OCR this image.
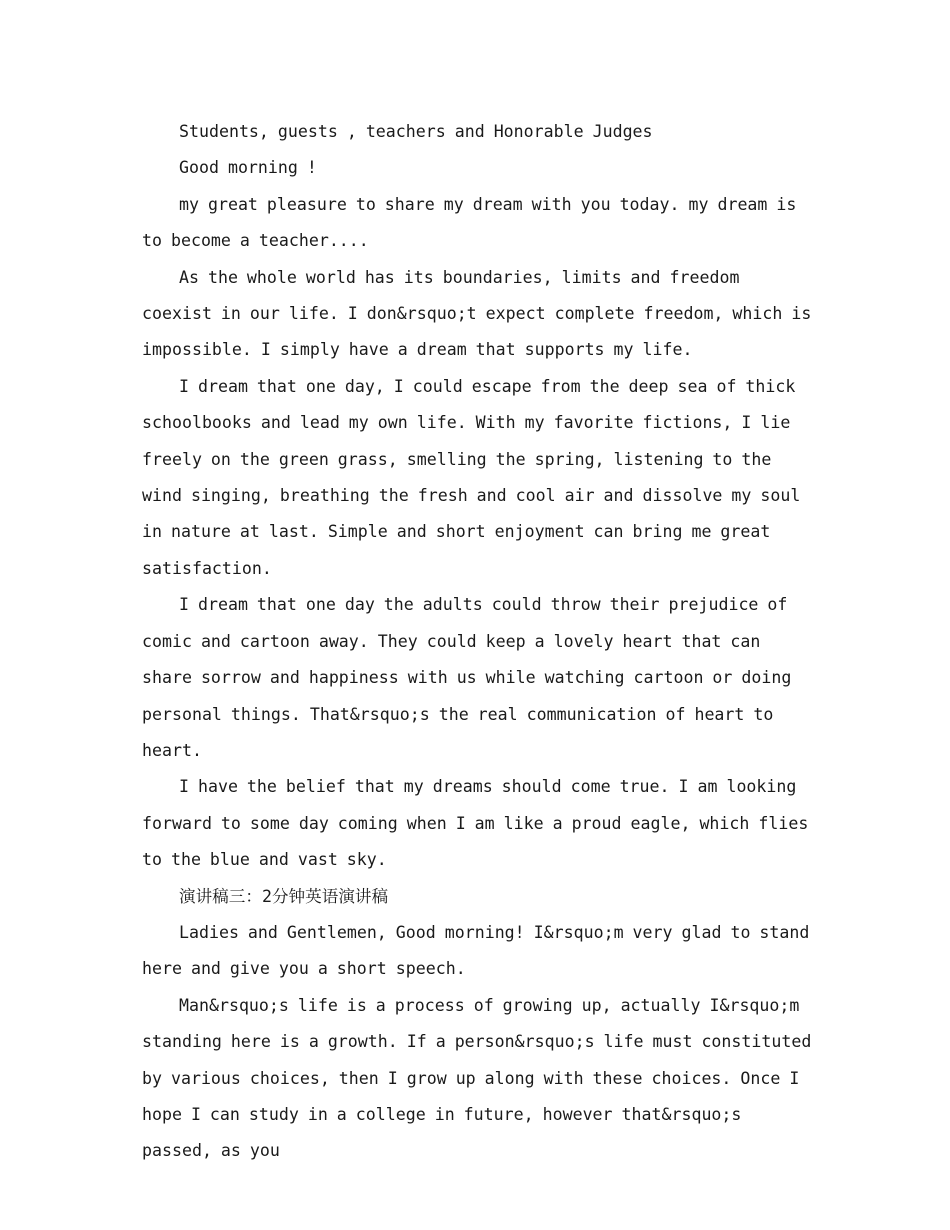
Students, guests , teachers and Honorable Judges

Good morning !

my great pleasure to share my dream with you today. my dream is to become a teacher....

As the whole world has its boundaries, limits and freedom coexist in our life. I don&rsquo;t expect complete freedom, which is impossible. I simply have a dream that supports my life.

I dream that one day, I could escape from the deep sea of thick schoolbooks and lead my own life. With my favorite fictions, I lie freely on the green grass, smelling the spring, listening to the wind singing, breathing the fresh and cool air and dissolve my soul in nature at last. Simple and short enjoyment can bring me great satisfaction.

I dream that one day the adults could throw their prejudice of comic and cartoon away. They could keep a lovely heart that can share sorrow and happiness with us while watching cartoon or doing personal things. That&rsquo;s the real communication of heart to heart.

I have the belief that my dreams should come true. I am looking forward to some day coming when I am like a proud eagle, which flies to the blue and vast sky.

演讲稿三：2分钟英语演讲稿

Ladies and Gentlemen, Good morning! I&rsquo;m very glad to stand here and give you a short speech.

Man&rsquo;s life is a process of growing up, actually I&rsquo;m standing here is a growth. If a person&rsquo;s life must constituted by various choices, then I grow up along with these choices. Once I hope I can study in a college in future, however that&rsquo;s passed, as you
